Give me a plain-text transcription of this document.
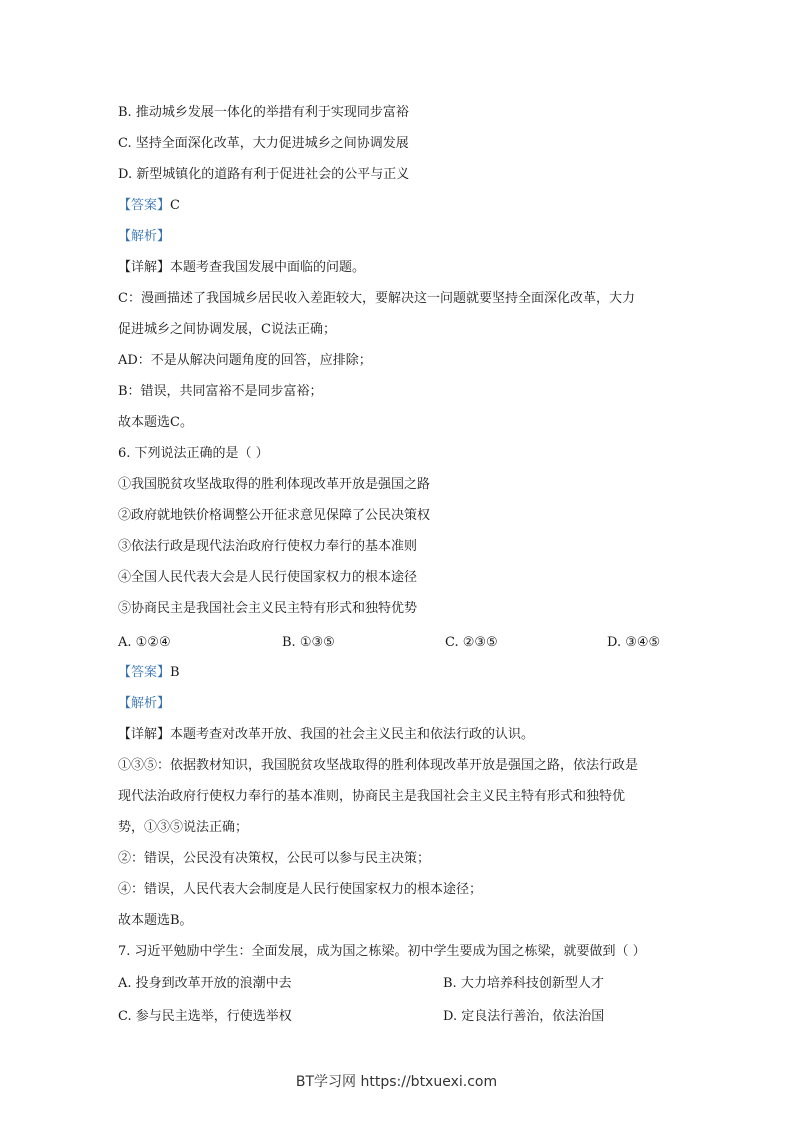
B. 推动城乡发展一体化的举措有利于实现同步富裕
C. 坚持全面深化改革，大力促进城乡之间协调发展
D. 新型城镇化的道路有利于促进社会的公平与正义
【答案】C
【解析】
【详解】本题考查我国发展中面临的问题。
C：漫画描述了我国城乡居民收入差距较大，要解决这一问题就要坚持全面深化改革，大力
促进城乡之间协调发展，C说法正确；
AD：不是从解决问题角度的回答，应排除；
B：错误，共同富裕不是同步富裕；
故本题选C。
6. 下列说法正确的是（ ）
①我国脱贫攻坚战取得的胜利体现改革开放是强国之路
②政府就地铁价格调整公开征求意见保障了公民决策权
③依法行政是现代法治政府行使权力奉行的基本准则
④全国人民代表大会是人民行使国家权力的根本途径
⑤协商民主是我国社会主义民主特有形式和独特优势
A. ①②④	B. ①③⑤	C. ②③⑤	D. ③④⑤
【答案】B
【解析】
【详解】本题考查对改革开放、我国的社会主义民主和依法行政的认识。
①③⑤：依据教材知识，我国脱贫攻坚战取得的胜利体现改革开放是强国之路，依法行政是
现代法治政府行使权力奉行的基本准则，协商民主是我国社会主义民主特有形式和独特优
势，①③⑤说法正确；
②：错误，公民没有决策权，公民可以参与民主决策；
④：错误，人民代表大会制度是人民行使国家权力的根本途径；
故本题选B。
7. 习近平勉励中学生：全面发展，成为国之栋梁。初中学生要成为国之栋梁，就要做到（ ）
A. 投身到改革开放的浪潮中去	B. 大力培养科技创新型人才
C. 参与民主选举，行使选举权	D. 定良法行善治，依法治国
BT学习网 https://btxuexi.com
